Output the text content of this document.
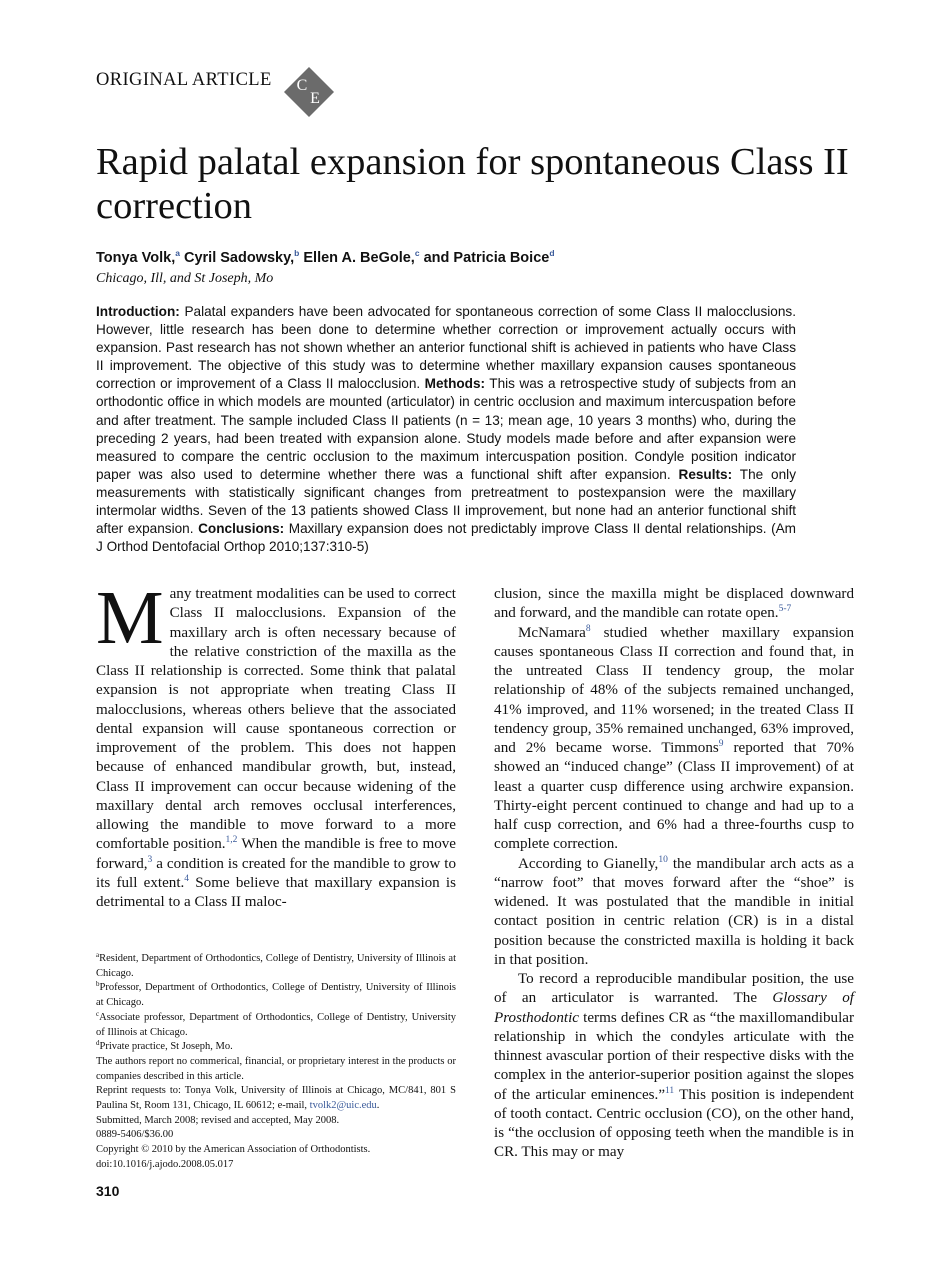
ORIGINAL ARTICLE C
E
Rapid palatal expansion for spontaneous Class II correction
Tonya Volk,$^a$ Cyril Sadowsky,$^b$ Ellen A. BeGole,$^c$ and Patricia Boice$^d$
Chicago, Ill, and St Joseph, Mo

Introduction: Palatal expanders have been advocated for spontaneous correction of some Class II malocclusions. However, little research has been done to determine whether correction or improvement actually occurs with expansion. Past research has not shown whether an anterior functional shift is achieved in patients who have Class II improvement. The objective of this study was to determine whether maxillary expansion causes spontaneous correction or improvement of a Class II malocclusion. Methods: This was a retrospective study of subjects from an orthodontic office in which models are mounted (articulator) in centric occlusion and maximum intercuspation before and after treatment. The sample included Class II patients (n = 13; mean age, 10 years 3 months) who, during the preceding 2 years, had been treated with expansion alone. Study models made before and after expansion were measured to compare the centric occlusion to the maximum intercuspation position. Condyle position indicator paper was also used to determine whether there was a functional shift after expansion. Results: The only measurements with statistically significant changes from pretreatment to postexpansion were the maxillary intermolar widths. Seven of the 13 patients showed Class II improvement, but none had an anterior functional shift after expansion. Conclusions: Maxillary expansion does not predictably improve Class II dental relationships. (Am J Orthod Dentofacial Orthop 2010;137:310-5)

Many treatment modalities can be used to correct Class II malocclusions. Expansion of the maxillary arch is often necessary because of the relative constriction of the maxilla as the Class II relationship is corrected. Some think that palatal expansion is not appropriate when treating Class II malocclusions, whereas others believe that the associated dental expansion will cause spontaneous correction or improvement of the problem. This does not happen because of enhanced mandibular growth, but, instead, Class II improvement can occur because widening of the maxillary dental arch removes occlusal interferences, allowing the mandible to move forward to a more comfortable position.$^{1,2}$ When the mandible is free to move forward,$^3$ a condition is created for the mandible to grow to its full extent.$^4$ Some believe that maxillary expansion is detrimental to a Class II maloc-

clusion, since the maxilla might be displaced downward and forward, and the mandible can rotate open.$^{5-7}$

McNamara$^8$ studied whether maxillary expansion causes spontaneous Class II correction and found that, in the untreated Class II tendency group, the molar relationship of 48% of the subjects remained unchanged, 41% improved, and 11% worsened; in the treated Class II tendency group, 35% remained unchanged, 63% improved, and 2% became worse. Timmons$^9$ reported that 70% showed an “induced change” (Class II improvement) of at least a quarter cusp difference using archwire expansion. Thirty-eight percent continued to change and had up to a half cusp correction, and 6% had a three-fourths cusp to complete correction.

According to Gianelly,$^{10}$ the mandibular arch acts as a “narrow foot” that moves forward after the “shoe” is widened. It was postulated that the mandible in initial contact position in centric relation (CR) is in a distal position because the constricted maxilla is holding it back in that position.

To record a reproducible mandibular position, the use of an articulator is warranted. The Glossary of Prosthodontic terms defines CR as “the maxillomandibular relationship in which the condyles articulate with the thinnest avascular portion of their respective disks with the complex in the anterior-superior position against the slopes of the articular eminences.”$^{11}$ This position is independent of tooth contact. Centric occlusion (CO), on the other hand, is “the occlusion of opposing teeth when the mandible is in CR. This may or may

$^a$Resident, Department of Orthodontics, College of Dentistry, University of Illinois at Chicago.

$^b$Professor, Department of Orthodontics, College of Dentistry, University of Illinois at Chicago.

$^c$Associate professor, Department of Orthodontics, College of Dentistry, University of Illinois at Chicago.

$^d$Private practice, St Joseph, Mo.

The authors report no commerical, financial, or proprietary interest in the products or companies described in this article.

Reprint requests to: Tonya Volk, University of Illinois at Chicago, MC/841, 801 S Paulina St, Room 131, Chicago, IL 60612; e-mail, tvolk2@uic.edu.

Submitted, March 2008; revised and accepted, May 2008.

0889-5406/$36.00

Copyright © 2010 by the American Association of Orthodontists.

doi:10.1016/j.ajodo.2008.05.017

310
